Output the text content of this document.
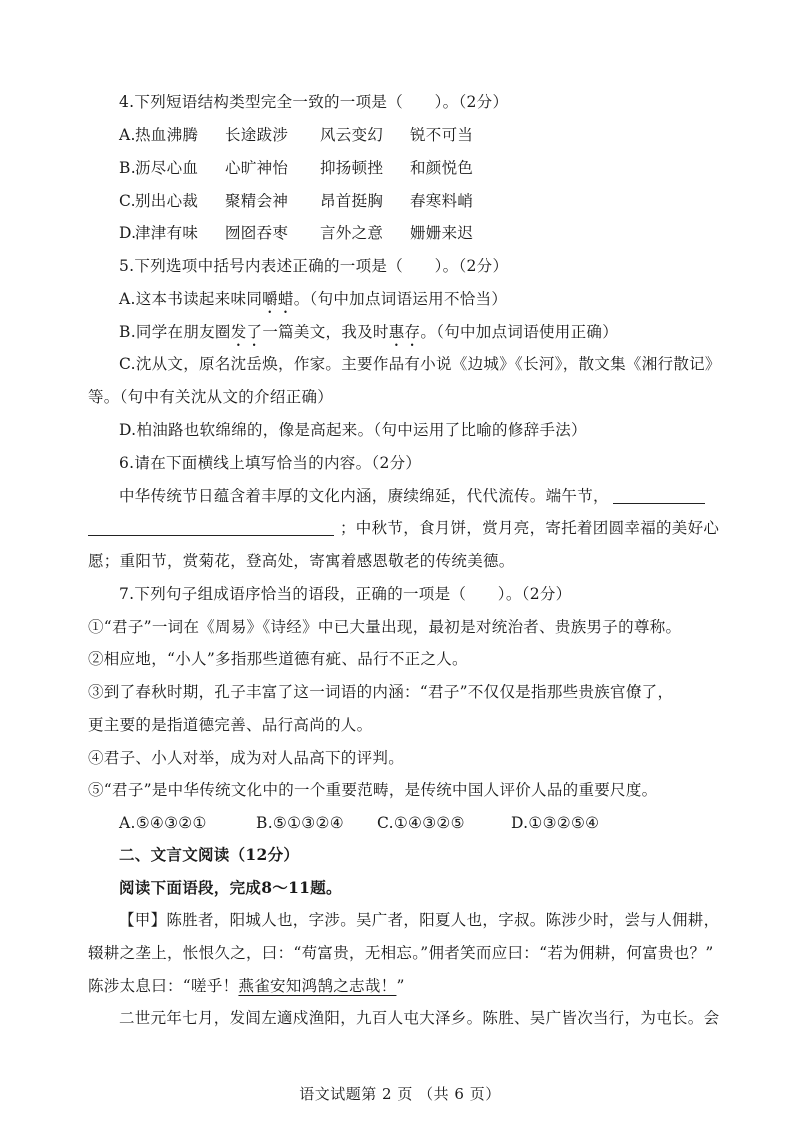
4.下列短语结构类型完全一致的一项是（　　）。（2分）
A. 热血沸腾 长途跋涉 风云变幻 锐不可当
B. 沥尽心血 心旷神怡 抑扬顿挫 和颜悦色
C. 别出心裁 聚精会神 昂首挺胸 春寒料峭
D.
津津有味 囫囵吞枣 言外之意 姗姗来迟
5.下列选项中括号内表述正确的一项是（　　）。（2分）
A.这本书读起来味同嚼蜡。（句中加点词语运用不恰当）
B.同学在朋友圈发了一篇美文，我及时惠存。（句中加点词语使用正确）
C.沈从文，原名沈岳焕，作家。主要作品有小说《边城》《长河》，散文集《湘行散记》
等。（句中有关沈从文的介绍正确）
D.柏油路也软绵绵的，像是高起来。（句中运用了比喻的修辞手法）
6.请在下面横线上填写恰当的内容。（2分）
中华传统节日蕴含着丰厚的文化内涵，赓续绵延，代代流传。端午节，
；中秋节，食月饼，赏月亮，寄托着团圆幸福的美好心
愿；重阳节，赏菊花，登高处，寄寓着感恩敬老的传统美德。
7.下列句子组成语序恰当的语段，正确的一项是（　　）。（2分）
①“君子”一词在《周易》《诗经》中已大量出现，最初是对统治者、贵族男子的尊称。
②相应地，“小人”多指那些道德有疵、品行不正之人。
③到了春秋时期，孔子丰富了这一词语的内涵：“君子”不仅仅是指那些贵族官僚了，
更主要的是指道德完善、品行高尚的人。
④君子、小人对举，成为对人品高下的评判。
⑤“君子”是中华传统文化中的一个重要范畴，是传统中国人评价人品的重要尺度。
A.⑤④③②①	B.⑤①③②④ C.①④③②⑤	D.①③②⑤④
二、文言文阅读（12分）
阅读下面语段，完成8～11题。
【甲】陈胜者，阳城人也，字涉。吴广者，阳夏人也，字叔。陈涉少时，尝与人佣耕，
辍耕之垄上，怅恨久之，曰：“苟富贵，无相忘。”佣者笑而应曰：“若为佣耕，何富贵也？”
陈涉太息曰：“嗟乎！燕雀安知鸿鹄之志哉！”
二世元年七月，发闾左適戍渔阳，九百人屯大泽乡。陈胜、吴广皆次当行，为屯长。会
语文试题第 2 页 （共 6 页）
